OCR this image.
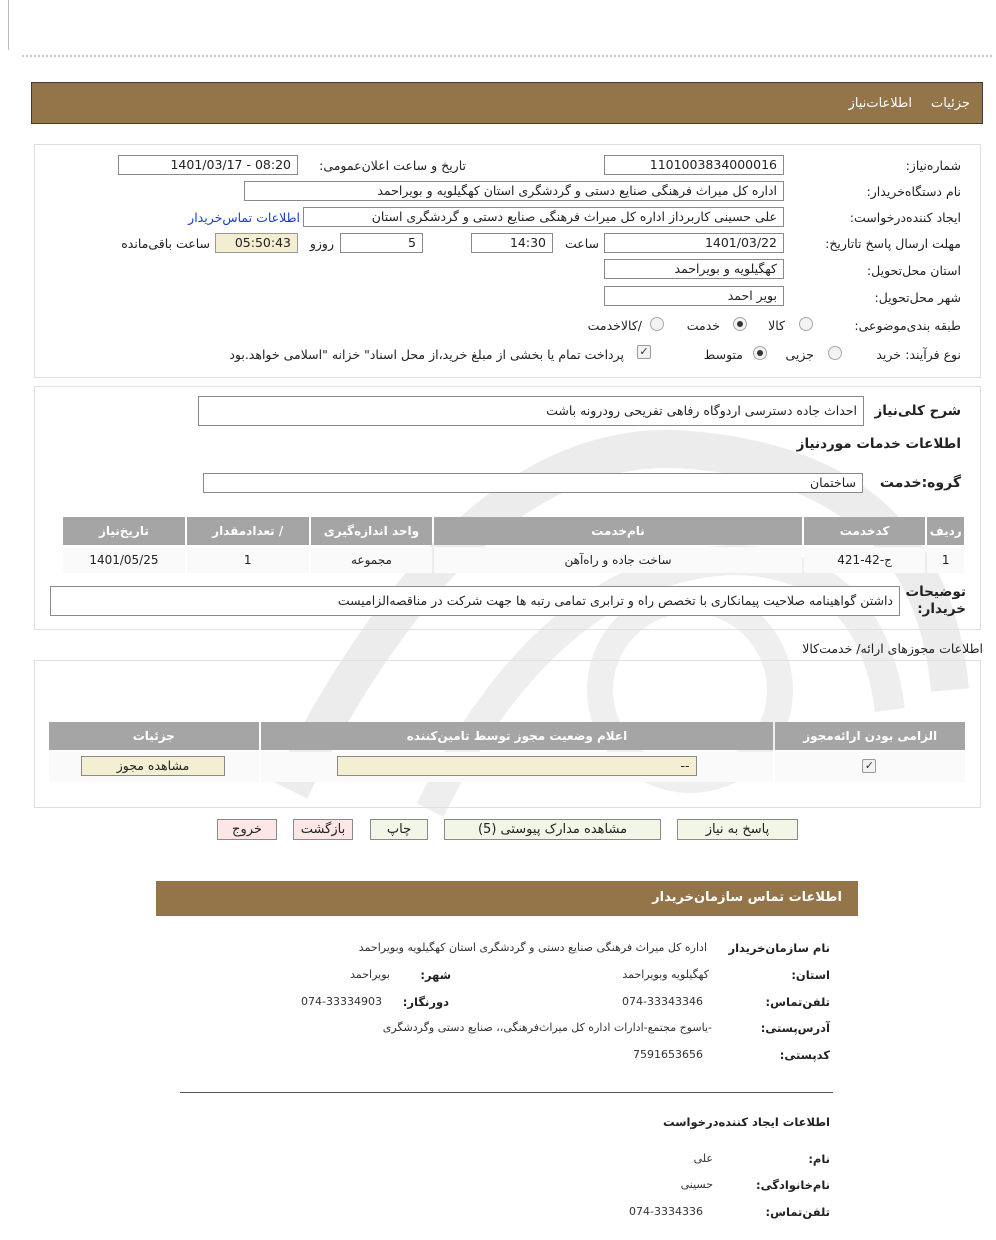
جزئیات
اطلاعات‌نیاز
شماره‌نیاز:
1101003834000016
تاریخ و ساعت اعلان‌عمومی:
1401/03/17 - 08:20
نام دستگاه‌خریدار:
اداره کل میراث فرهنگی صنایع دستی و گردشگری استان کهگیلویه و بویراحمد
ایجاد کننده‌درخواست:
علی حسینی کاربرداز اداره کل میراث فرهنگی صنایع دستی و گردشگری استان
اطلاعات تماس‌خریدار
مهلت ارسال پاسخ تا‌تاریخ:
1401/03/22
ساعت
14:30
5
روزو
05:50:43
ساعت باقی‌مانده
استان محل‌تحویل:
کهگیلویه و بویراحمد
شهر محل‌تحویل:
بویر احمد
طبقه بندی‌موضوعی:
کالا
خدمت
/کالاخدمت
نوع فرآیند:
خرید
جزیی
متوسط
✓
پرداخت تمام یا بخشی از مبلغ خرید،از محل اسناد" خزانه "اسلامی خواهد.بود
شرح کلی‌نیاز
احداث جاده دسترسی اردوگاه رفاهی تفریحی رودرونه باشت
اطلاعات خدمات موردنیاز
گروه:خدمت
ساختمان
ردیف	کدخدمت	نام‌خدمت	واحد اندازه‌گیری	/ تعدادمقدار	تاریخ‌نیاز
1	ج-42-421	ساخت جاده و راه‌آهن	مجموعه	1	1401/05/25
توضیحات خریدار:
داشتن گواهینامه صلاحیت پیمانکاری با تخصص راه و ترابری تمامی رتبه ها جهت شرکت در مناقصه‌الزامیست
اطلاعات مجوزهای ارائه/ خدمت‌کالا
الزامی بودن ارائه‌مجوز	اعلام وضعیت مجوز توسط تامین‌کننده	جزئیات

✓	--	مشاهده مجوز
پاسخ به نیاز
مشاهده مدارک پیوستی (5)
چاپ
بازگشت
خروج
اطلاعات تماس سازمان‌خریدار
نام سازمان‌خریدار
اداره کل میراث فرهنگی صنایع دستی و گردشگری استان کهگیلویه وبویراحمد
استان:
کهگیلویه وبویراحمد
شهر:
بویراحمد
تلفن‌تماس:
074-33343346
دورنگار:
074-33334903
آدرس‌پستی:
-یاسوج مجتمع-ادارات اداره کل میراث‌فرهنگی،، صنایع دستی وگردشگری
کد‌پستی:
7591653656
اطلاعات ایجاد کننده‌درخواست
نام:
علی
نام‌خانوادگی:
حسینی
تلفن‌تماس:
074-3334336
